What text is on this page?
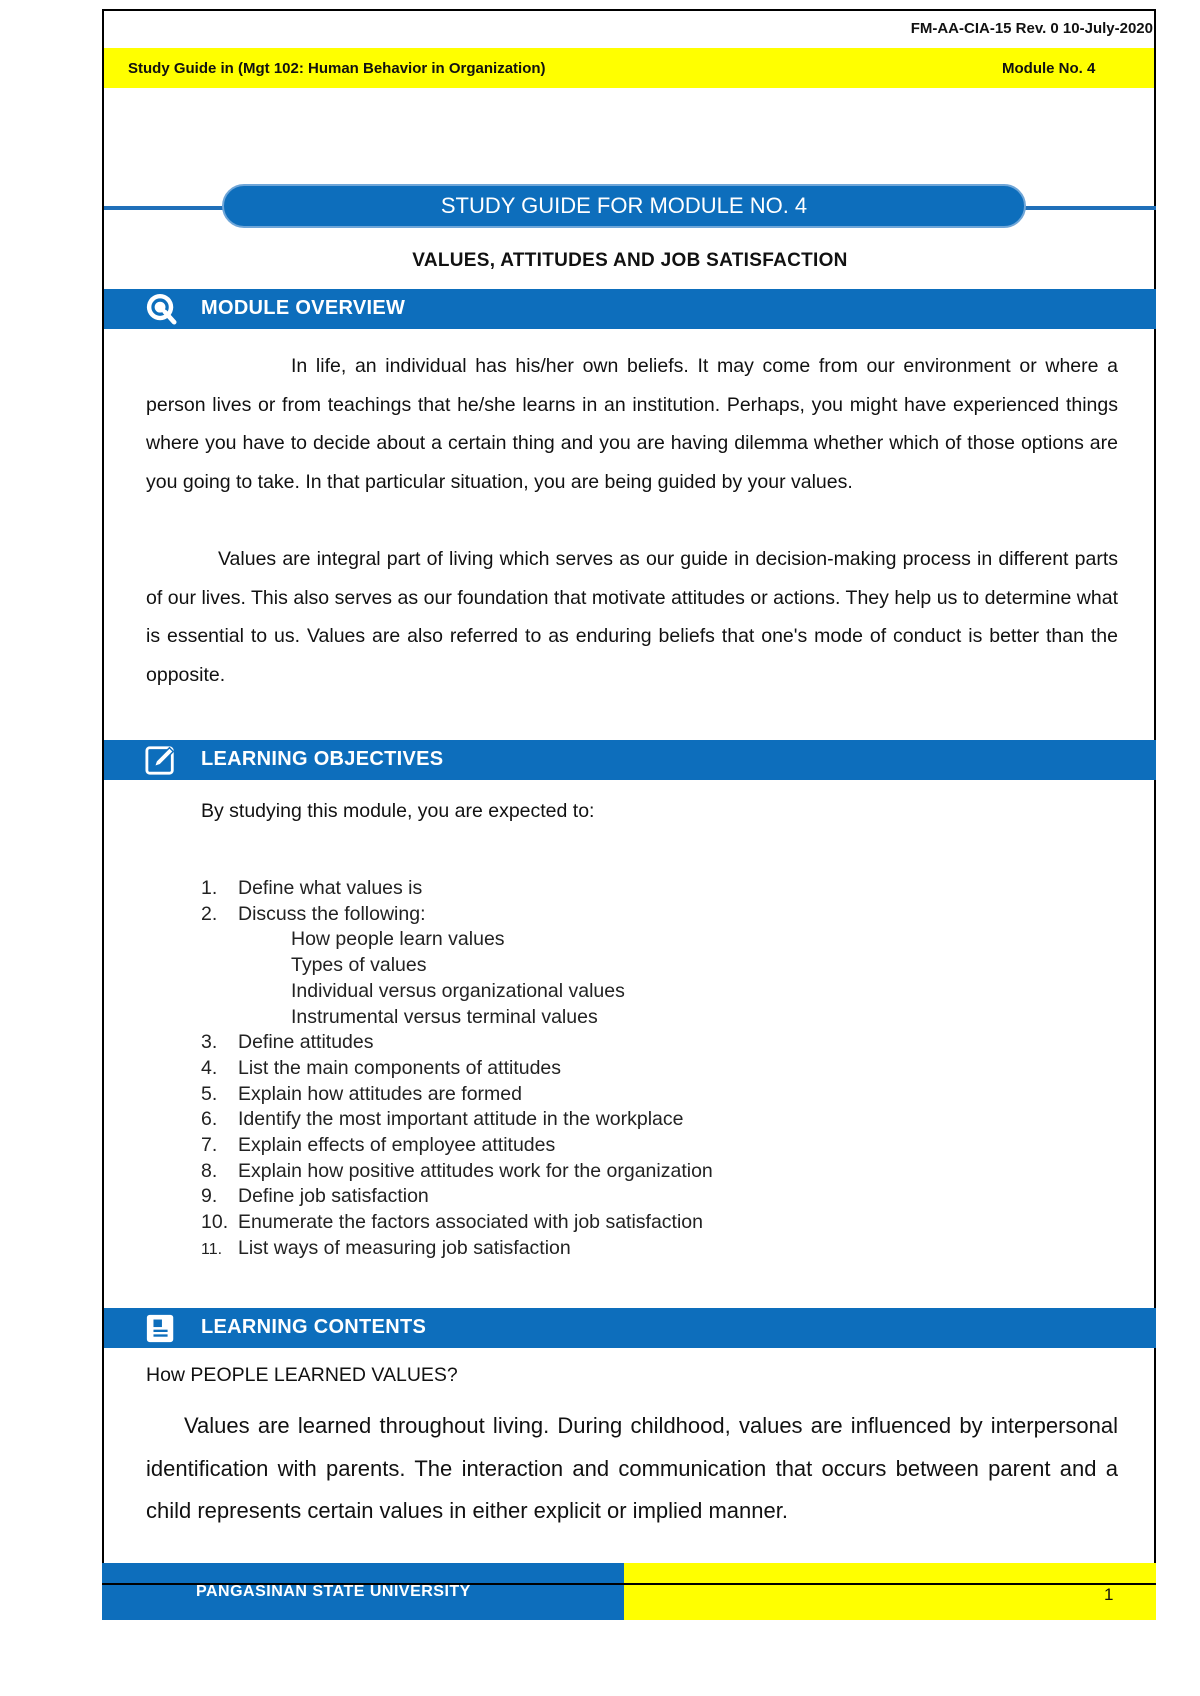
FM-AA-CIA-15 Rev. 0 10-July-2020
Study Guide in (Mgt 102: Human Behavior in Organization)	Module No. 4
STUDY GUIDE FOR MODULE NO. 4
VALUES, ATTITUDES AND JOB SATISFACTION
MODULE OVERVIEW

In life, an individual has his/her own beliefs. It may come from our environment or where a person lives or from teachings that he/she learns in an institution. Perhaps, you might have experienced things where you have to decide about a certain thing and you are having dilemma whether which of those options are you going to take. In that particular situation, you are being guided by your values.

Values are integral part of living which serves as our guide in decision-making process in different parts of our lives. This also serves as our foundation that motivate attitudes or actions. They help us to determine what is essential to us. Values are also referred to as enduring beliefs that one's mode of conduct is better than the opposite.

LEARNING OBJECTIVES
By studying this module, you are expected to:
1. Define what values is
2. Discuss the following:
How people learn values
Types of values
Individual versus organizational values
Instrumental versus terminal values
3. Define attitudes
4. List the main components of attitudes
5. Explain how attitudes are formed
6. Identify the most important attitude in the workplace
7. Explain effects of employee attitudes
8. Explain how positive attitudes work for the organization
9. Define job satisfaction
10. Enumerate the factors associated with job satisfaction
11. List ways of measuring job satisfaction
LEARNING CONTENTS
How PEOPLE LEARNED VALUES?

Values are learned throughout living. During childhood, values are influenced by interpersonal identification with parents. The interaction and communication that occurs between parent and a child represents certain values in either explicit or implied manner.

PANGASINAN STATE UNIVERSITY	1
